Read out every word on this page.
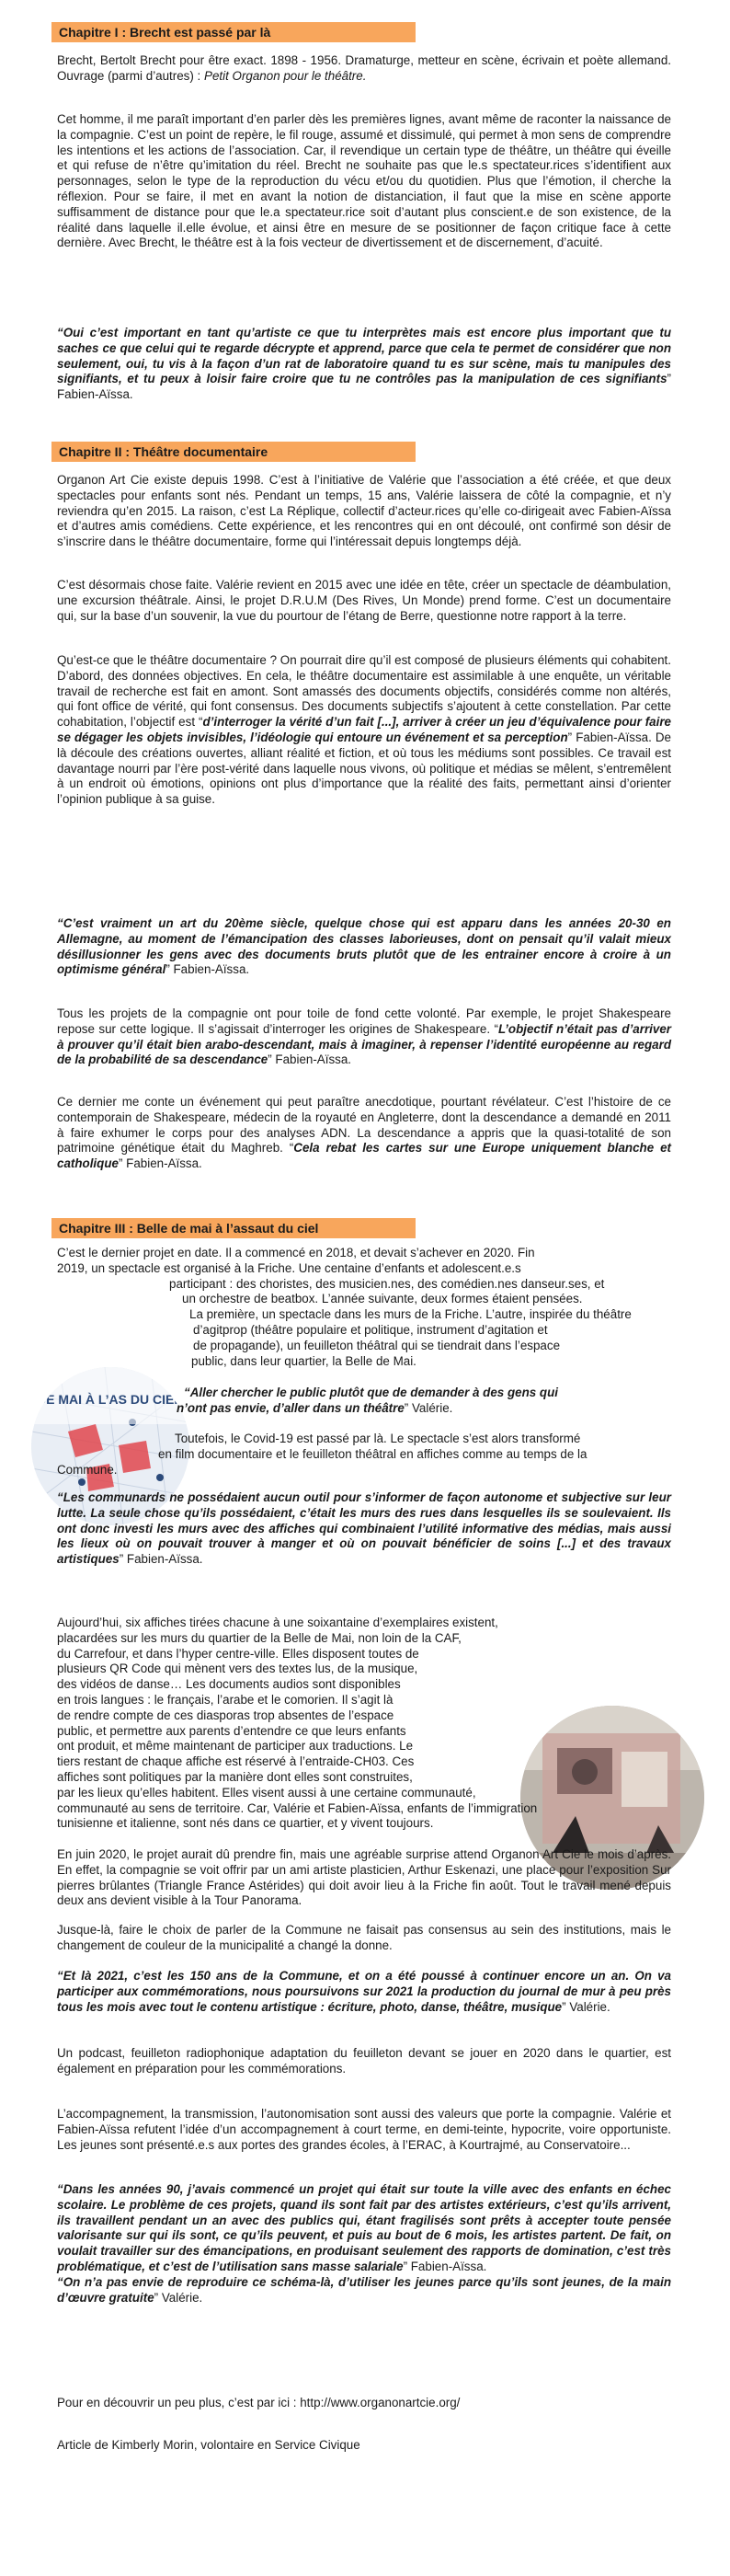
Chapitre I : Brecht est passé par là

Brecht, Bertolt Brecht pour être exact. 1898 - 1956. Dramaturge, metteur en scène, écrivain et poète allemand. Ouvrage (parmi d’autres) : Petit Organon pour le théâtre.

Cet homme, il me paraît important d’en parler dès les premières lignes, avant même de raconter la naissance de la compagnie. C’est un point de repère, le fil rouge, assumé et dissimulé, qui permet à mon sens de comprendre les intentions et les actions de l’association. Car, il revendique un certain type de théâtre, un théâtre qui éveille et qui refuse de n’être qu’imitation du réel. Brecht ne souhaite pas que le.s spectateur.rices s’identifient aux personnages, selon le type de la reproduction du vécu et/ou du quotidien. Plus que l’émotion, il cherche la réflexion. Pour se faire, il met en avant la notion de distanciation, il faut que la mise en scène apporte suffisamment de distance pour que le.a spectateur.rice soit d’autant plus conscient.e de son existence, de la réalité dans laquelle il.elle évolue, et ainsi être en mesure de se positionner de façon critique face à cette dernière. Avec Brecht, le théâtre est à la fois vecteur de divertissement et de discernement, d’acuité.

“Oui c’est important en tant qu’artiste ce que tu interprètes mais est encore plus important que tu saches ce que celui qui te regarde décrypte et apprend, parce que cela te permet de considérer que non seulement, oui, tu vis à la façon d’un rat de laboratoire quand tu es sur scène, mais tu manipules des signifiants, et tu peux à loisir faire croire que tu ne contrôles pas la manipulation de ces signifiants” Fabien-Aïssa.

Chapitre II : Théâtre documentaire

Organon Art Cie existe depuis 1998. C’est à l’initiative de Valérie que l’association a été créée, et que deux spectacles pour enfants sont nés. Pendant un temps, 15 ans, Valérie laissera de côté la compagnie, et n’y reviendra qu’en 2015. La raison, c’est La Réplique, collectif d’acteur.rices qu’elle co-dirigeait avec Fabien-Aïssa et d’autres amis comédiens. Cette expérience, et les rencontres qui en ont découlé, ont confirmé son désir de s’inscrire dans le théâtre documentaire, forme qui l’intéressait depuis longtemps déjà.

C’est désormais chose faite. Valérie revient en 2015 avec une idée en tête, créer un spectacle de déambulation, une excursion théâtrale. Ainsi, le projet D.R.U.M (Des Rives, Un Monde) prend forme. C’est un documentaire qui, sur la base d’un souvenir, la vue du pourtour de l’étang de Berre, questionne notre rapport à la terre.

Qu’est-ce que le théâtre documentaire ? On pourrait dire qu’il est composé de plusieurs éléments qui cohabitent. D’abord, des données objectives. En cela, le théâtre documentaire est assimilable à une enquête, un véritable travail de recherche est fait en amont. Sont amassés des documents objectifs, considérés comme non altérés, qui font office de vérité, qui font consensus. Des documents subjectifs s’ajoutent à cette constellation. Par cette cohabitation, l’objectif est “d’interroger la vérité d’un fait [...], arriver à créer un jeu d’équivalence pour faire se dégager les objets invisibles, l’idéologie qui entoure un événement et sa perception” Fabien-Aïssa. De là découle des créations ouvertes, alliant réalité et fiction, et où tous les médiums sont possibles. Ce travail est davantage nourri par l’ère post-vérité dans laquelle nous vivons, où politique et médias se mêlent, s’entremêlent à un endroit où émotions, opinions ont plus d’importance que la réalité des faits, permettant ainsi d’orienter l’opinion publique à sa guise.

“C’est vraiment un art du 20ème siècle, quelque chose qui est apparu dans les années 20-30 en Allemagne, au moment de l’émancipation des classes laborieuses, dont on pensait qu’il valait mieux désillusionner les gens avec des documents bruts plutôt que de les entrainer encore à croire à un optimisme général” Fabien-Aïssa.

Tous les projets de la compagnie ont pour toile de fond cette volonté. Par exemple, le projet Shakespeare repose sur cette logique. Il s’agissait d’interroger les origines de Shakespeare. “L’objectif n’était pas d’arriver à prouver qu’il était bien arabo-descendant, mais à imaginer, à repenser l’identité européenne au regard de la probabilité de sa descendance” Fabien-Aïssa.

Ce dernier me conte un événement qui peut paraître anecdotique, pourtant révélateur. C’est l’histoire de ce contemporain de Shakespeare, médecin de la royauté en Angleterre, dont la descendance a demandé en 2011 à faire exhumer le corps pour des analyses ADN. La descendance a appris que la quasi-totalité de son patrimoine génétique était du Maghreb. “Cela rebat les cartes sur une Europe uniquement blanche et catholique” Fabien-Aïssa.

Chapitre III : Belle de mai à l’assaut du ciel
DE MAI À L’AS DU CIEL
C’est le dernier projet en date. Il a commencé en 2018, et devait s’achever en 2020. Fin
2019, un spectacle est organisé à la Friche. Une centaine d’enfants et adolescent.e.s
participant : des choristes, des musicien.nes, des comédien.nes danseur.ses, et
un orchestre de beatbox. L’année suivante, deux formes étaient pensées.
La première, un spectacle dans les murs de la Friche. L’autre, inspirée du théâtre
d’agitprop (théâtre populaire et politique, instrument d’agitation et
de propagande), un feuilleton théâtral qui se tiendrait dans l’espace
public, dans leur quartier, la Belle de Mai.
“Aller chercher le public plutôt que de demander à des gens qui
n’ont pas envie, d’aller dans un théâtre” Valérie.
Toutefois, le Covid-19 est passé par là. Le spectacle s’est alors transformé
en film documentaire et le feuilleton théâtral en affiches comme au temps de la
Commune.

“Les communards ne possédaient aucun outil pour s’informer de façon autonome et subjective sur leur lutte. La seule chose qu’ils possédaient, c’était les murs des rues dans lesquelles ils se soulevaient. Ils ont donc investi les murs avec des affiches qui combinaient l’utilité informative des médias, mais aussi les lieux où on pouvait trouver à manger et où on pouvait bénéficier de soins [...] et des travaux artistiques” Fabien-Aïssa.

Aujourd’hui, six affiches tirées chacune à une soixantaine d’exemplaires existent,
placardées sur les murs du quartier de la Belle de Mai, non loin de la CAF,
du Carrefour, et dans l’hyper centre-ville. Elles disposent toutes de
plusieurs QR Code qui mènent vers des textes lus, de la musique,
des vidéos de danse… Les documents audios sont disponibles
en trois langues : le français, l’arabe et le comorien. Il s’agit là
de rendre compte de ces diasporas trop absentes de l’espace
public, et permettre aux parents d’entendre ce que leurs enfants
ont produit, et même maintenant de participer aux traductions. Le
tiers restant de chaque affiche est réservé à l’entraide-CH03. Ces
affiches sont politiques par la manière dont elles sont construites,
par les lieux qu’elles habitent. Elles visent aussi à une certaine communauté,
communauté au sens de territoire. Car, Valérie et Fabien-Aïssa, enfants de l’immigration
tunisienne et italienne, sont nés dans ce quartier, et y vivent toujours.

En juin 2020, le projet aurait dû prendre fin, mais une agréable surprise attend Organon Art Cie le mois d’après. En effet, la compagnie se voit offrir par un ami artiste plasticien, Arthur Eskenazi, une place pour l’exposition Sur pierres brûlantes (Triangle France Astérides) qui doit avoir lieu à la Friche fin août. Tout le travail mené depuis deux ans devient visible à la Tour Panorama.

Jusque-là, faire le choix de parler de la Commune ne faisait pas consensus au sein des institutions, mais le changement de couleur de la municipalité a changé la donne.

“Et là 2021, c’est les 150 ans de la Commune, et on a été poussé à continuer encore un an. On va participer aux commémorations, nous poursuivons sur 2021 la production du journal de mur à peu près tous les mois avec tout le contenu artistique : écriture, photo, danse, théâtre, musique” Valérie.

Un podcast, feuilleton radiophonique adaptation du feuilleton devant se jouer en 2020 dans le quartier, est également en préparation pour les commémorations.

L’accompagnement, la transmission, l’autonomisation sont aussi des valeurs que porte la compagnie. Valérie et Fabien-Aïssa refutent l’idée d’un accompagnement à court terme, en demi-teinte, hypocrite, voire opportuniste. Les jeunes sont présenté.e.s aux portes des grandes écoles, à l’ERAC, à Kourtrajmé, au Conservatoire...

“Dans les années 90, j’avais commencé un projet qui était sur toute la ville avec des enfants en échec scolaire. Le problème de ces projets, quand ils sont fait par des artistes extérieurs, c’est qu’ils arrivent, ils travaillent pendant un an avec des publics qui, étant fragilisés sont prêts à accepter toute pensée valorisante sur qui ils sont, ce qu’ils peuvent, et puis au bout de 6 mois, les artistes partent. De fait, on voulait travailler sur des émancipations, en produisant seulement des rapports de domination, c’est très problématique, et c’est de l’utilisation sans masse salariale” Fabien-Aïssa.
“On n’a pas envie de reproduire ce schéma-là, d’utiliser les jeunes parce qu’ils sont jeunes, de la main d’œuvre gratuite” Valérie.

Pour en découvrir un peu plus, c’est par ici : http://www.organonartcie.org/

Article de Kimberly Morin, volontaire en Service Civique
